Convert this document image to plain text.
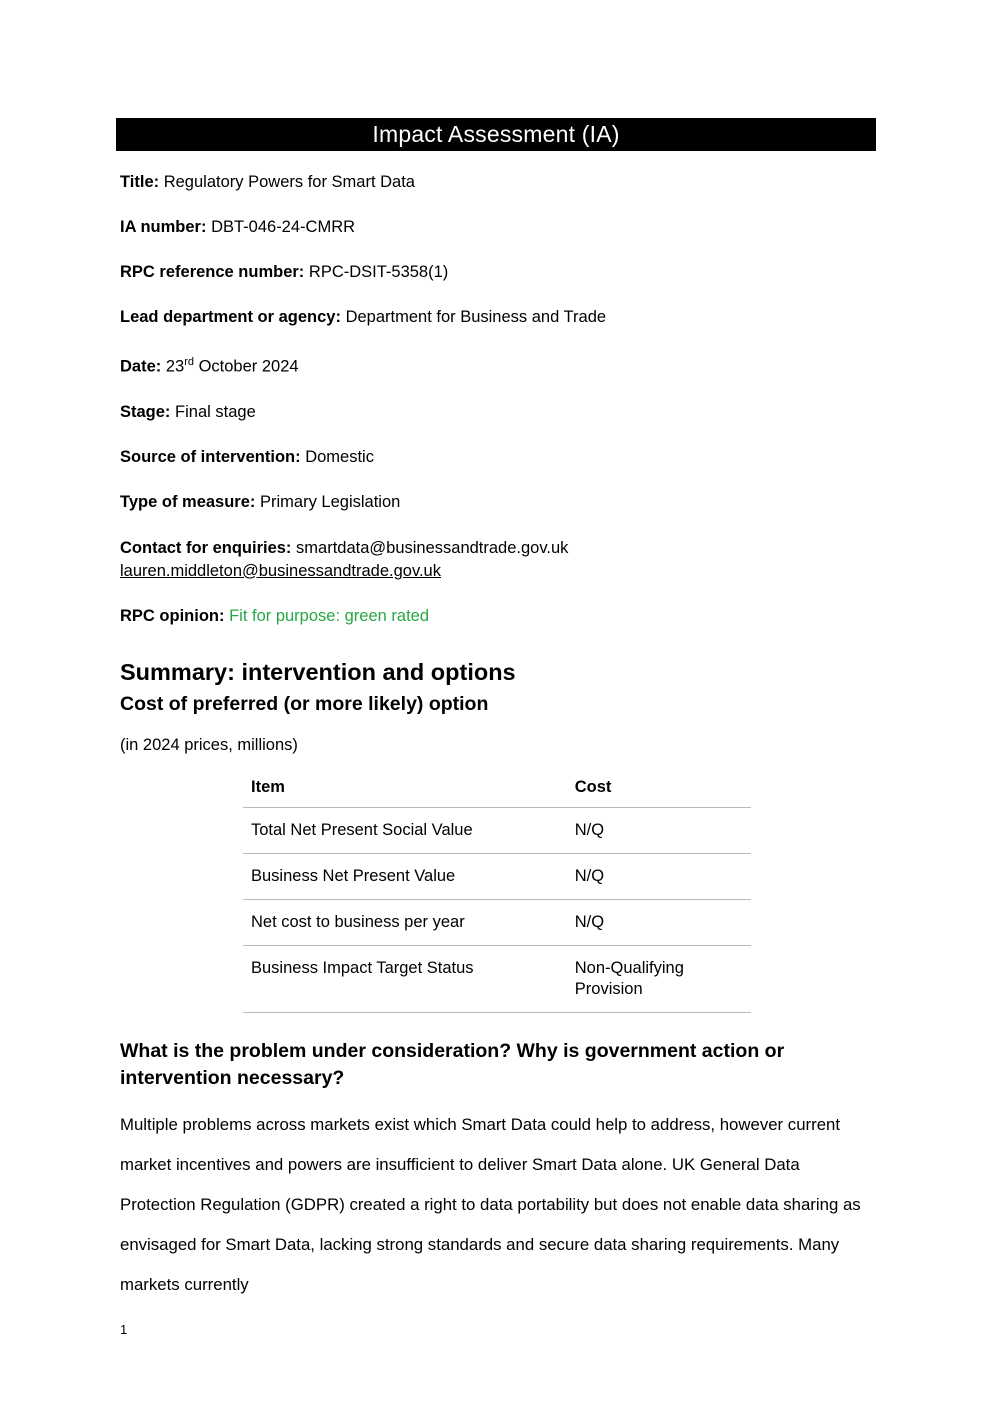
Impact Assessment (IA)
Title: Regulatory Powers for Smart Data
IA number: DBT-046-24-CMRR
RPC reference number: RPC-DSIT-5358(1)
Lead department or agency: Department for Business and Trade
Date: 23rd October 2024
Stage: Final stage
Source of intervention: Domestic
Type of measure: Primary Legislation
Contact for enquiries: smartdata@businessandtrade.gov.uk
lauren.middleton@businessandtrade.gov.uk
RPC opinion: Fit for purpose: green rated
Summary: intervention and options
Cost of preferred (or more likely) option
(in 2024 prices, millions)
Item	Cost
Total Net Present Social Value	N/Q
Business Net Present Value	N/Q
Net cost to business per year	N/Q
Business Impact Target Status	Non-Qualifying Provision
What is the problem under consideration? Why is government action or intervention necessary?
Multiple problems across markets exist which Smart Data could help to address, however current market incentives and powers are insufficient to deliver Smart Data alone. UK General Data Protection Regulation (GDPR) created a right to data portability but does not enable data sharing as envisaged for Smart Data, lacking strong standards and secure data sharing requirements. Many markets currently
1
